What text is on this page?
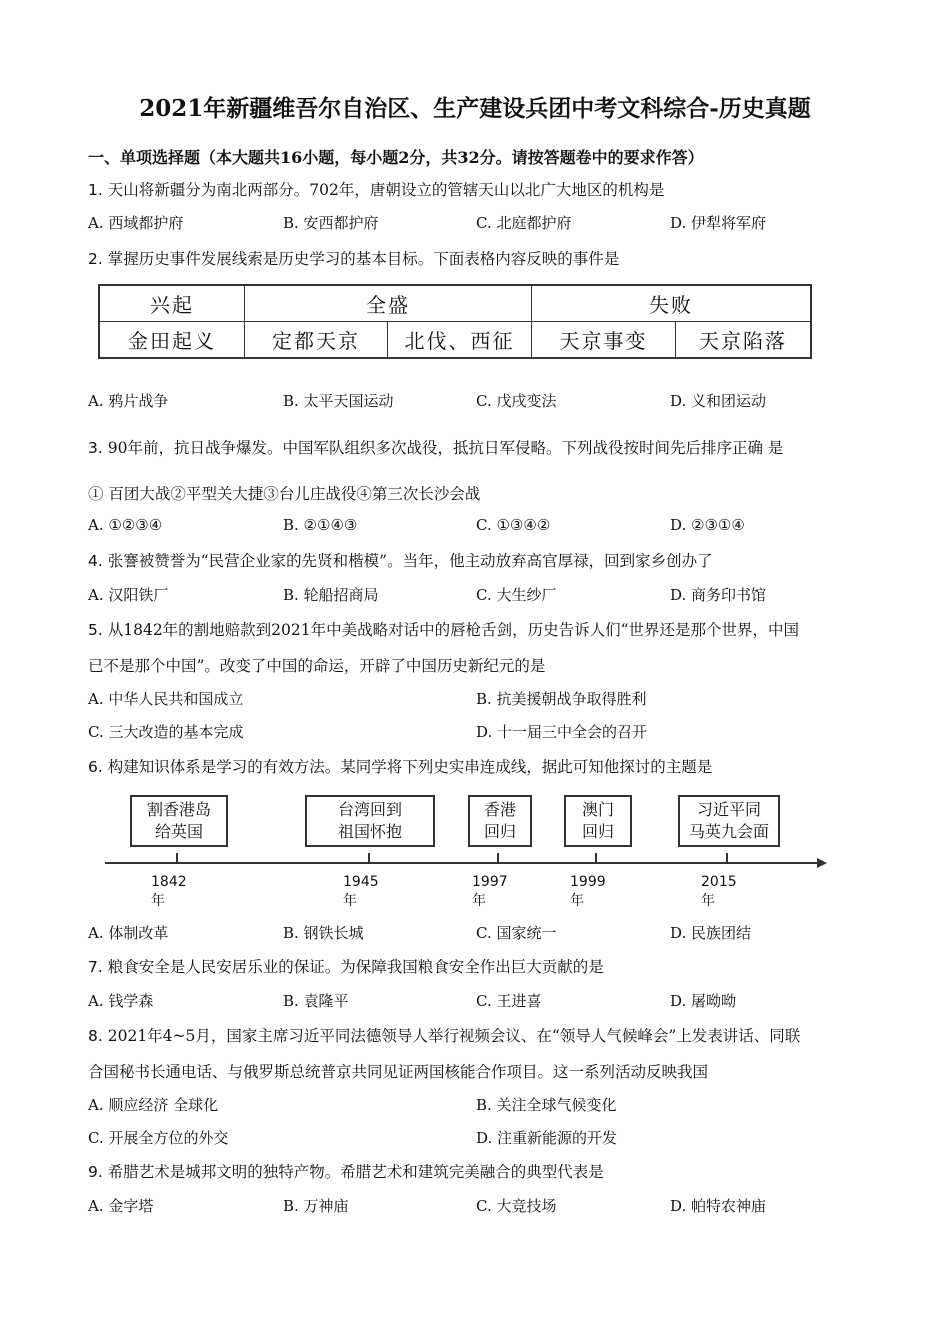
2021年新疆维吾尔自治区、生产建设兵团中考文科综合-历史真题
一、单项选择题（本大题共16小题，每小题2分，共32分。请按答题卷中的要求作答）
1. 天山将新疆分为南北两部分。702年，唐朝设立的管辖天山以北广大地区的机构是
A. 西域都护府	B. 安西都护府	C. 北庭都护府	D. 伊犁将军府
2. 掌握历史事件发展线索是历史学习的基本目标。下面表格内容反映的事件是
兴起	全盛		失败	
金田起义	定都天京	北伐、西征	天京事变	天京陷落
A. 鸦片战争	B. 太平天国运动	C. 戊戌变法	D. 义和团运动
3. 90年前，抗日战争爆发。中国军队组织多次战役，抵抗日军侵略。下列战役按时间先后排序正确 是
① 百团大战②平型关大捷③台儿庄战役④第三次长沙会战
A. ①②③④	B. ②①④③	C. ①③④②	D. ②③①④
4. 张謇被赞誉为“民营企业家的先贤和楷模”。当年，他主动放弃高官厚禄，回到家乡创办了
A. 汉阳铁厂	B. 轮船招商局	C. 大生纱厂	D. 商务印书馆
5. 从1842年的割地赔款到2021年中美战略对话中的唇枪舌剑，历史告诉人们“世界还是那个世界，中国
已不是那个中国”。改变了中国的命运，开辟了中国历史新纪元的是
A. 中华人民共和国成立	B. 抗美援朝战争取得胜利
C. 三大改造的基本完成	D. 十一届三中全会的召开
6. 构建知识体系是学习的有效方法。某同学将下列史实串连成线，据此可知他探讨的主题是
割香港岛
给英国
台湾回到
祖国怀抱
香港
回归
澳门
回归
习近平同
马英九会面
1842年
1945年
1997年
1999年
2015年
A. 体制改革	B. 钢铁长城	C. 国家统一	D. 民族团结
7. 粮食安全是人民安居乐业的保证。为保障我国粮食安全作出巨大贡献的是
A. 钱学森	B. 袁隆平	C. 王进喜	D. 屠呦呦
8. 2021年4~5月，国家主席习近平同法德领导人举行视频会议、在“领导人气候峰会”上发表讲话、同联
合国秘书长通电话、与俄罗斯总统普京共同见证两国核能合作项目。这一系列活动反映我国
A. 顺应经济 全球化	B. 关注全球气候变化
C. 开展全方位的外交	D. 注重新能源的开发
9. 希腊艺术是城邦文明的独特产物。希腊艺术和建筑完美融合的典型代表是
A. 金字塔	B. 万神庙	C. 大竞技场	D. 帕特农神庙
